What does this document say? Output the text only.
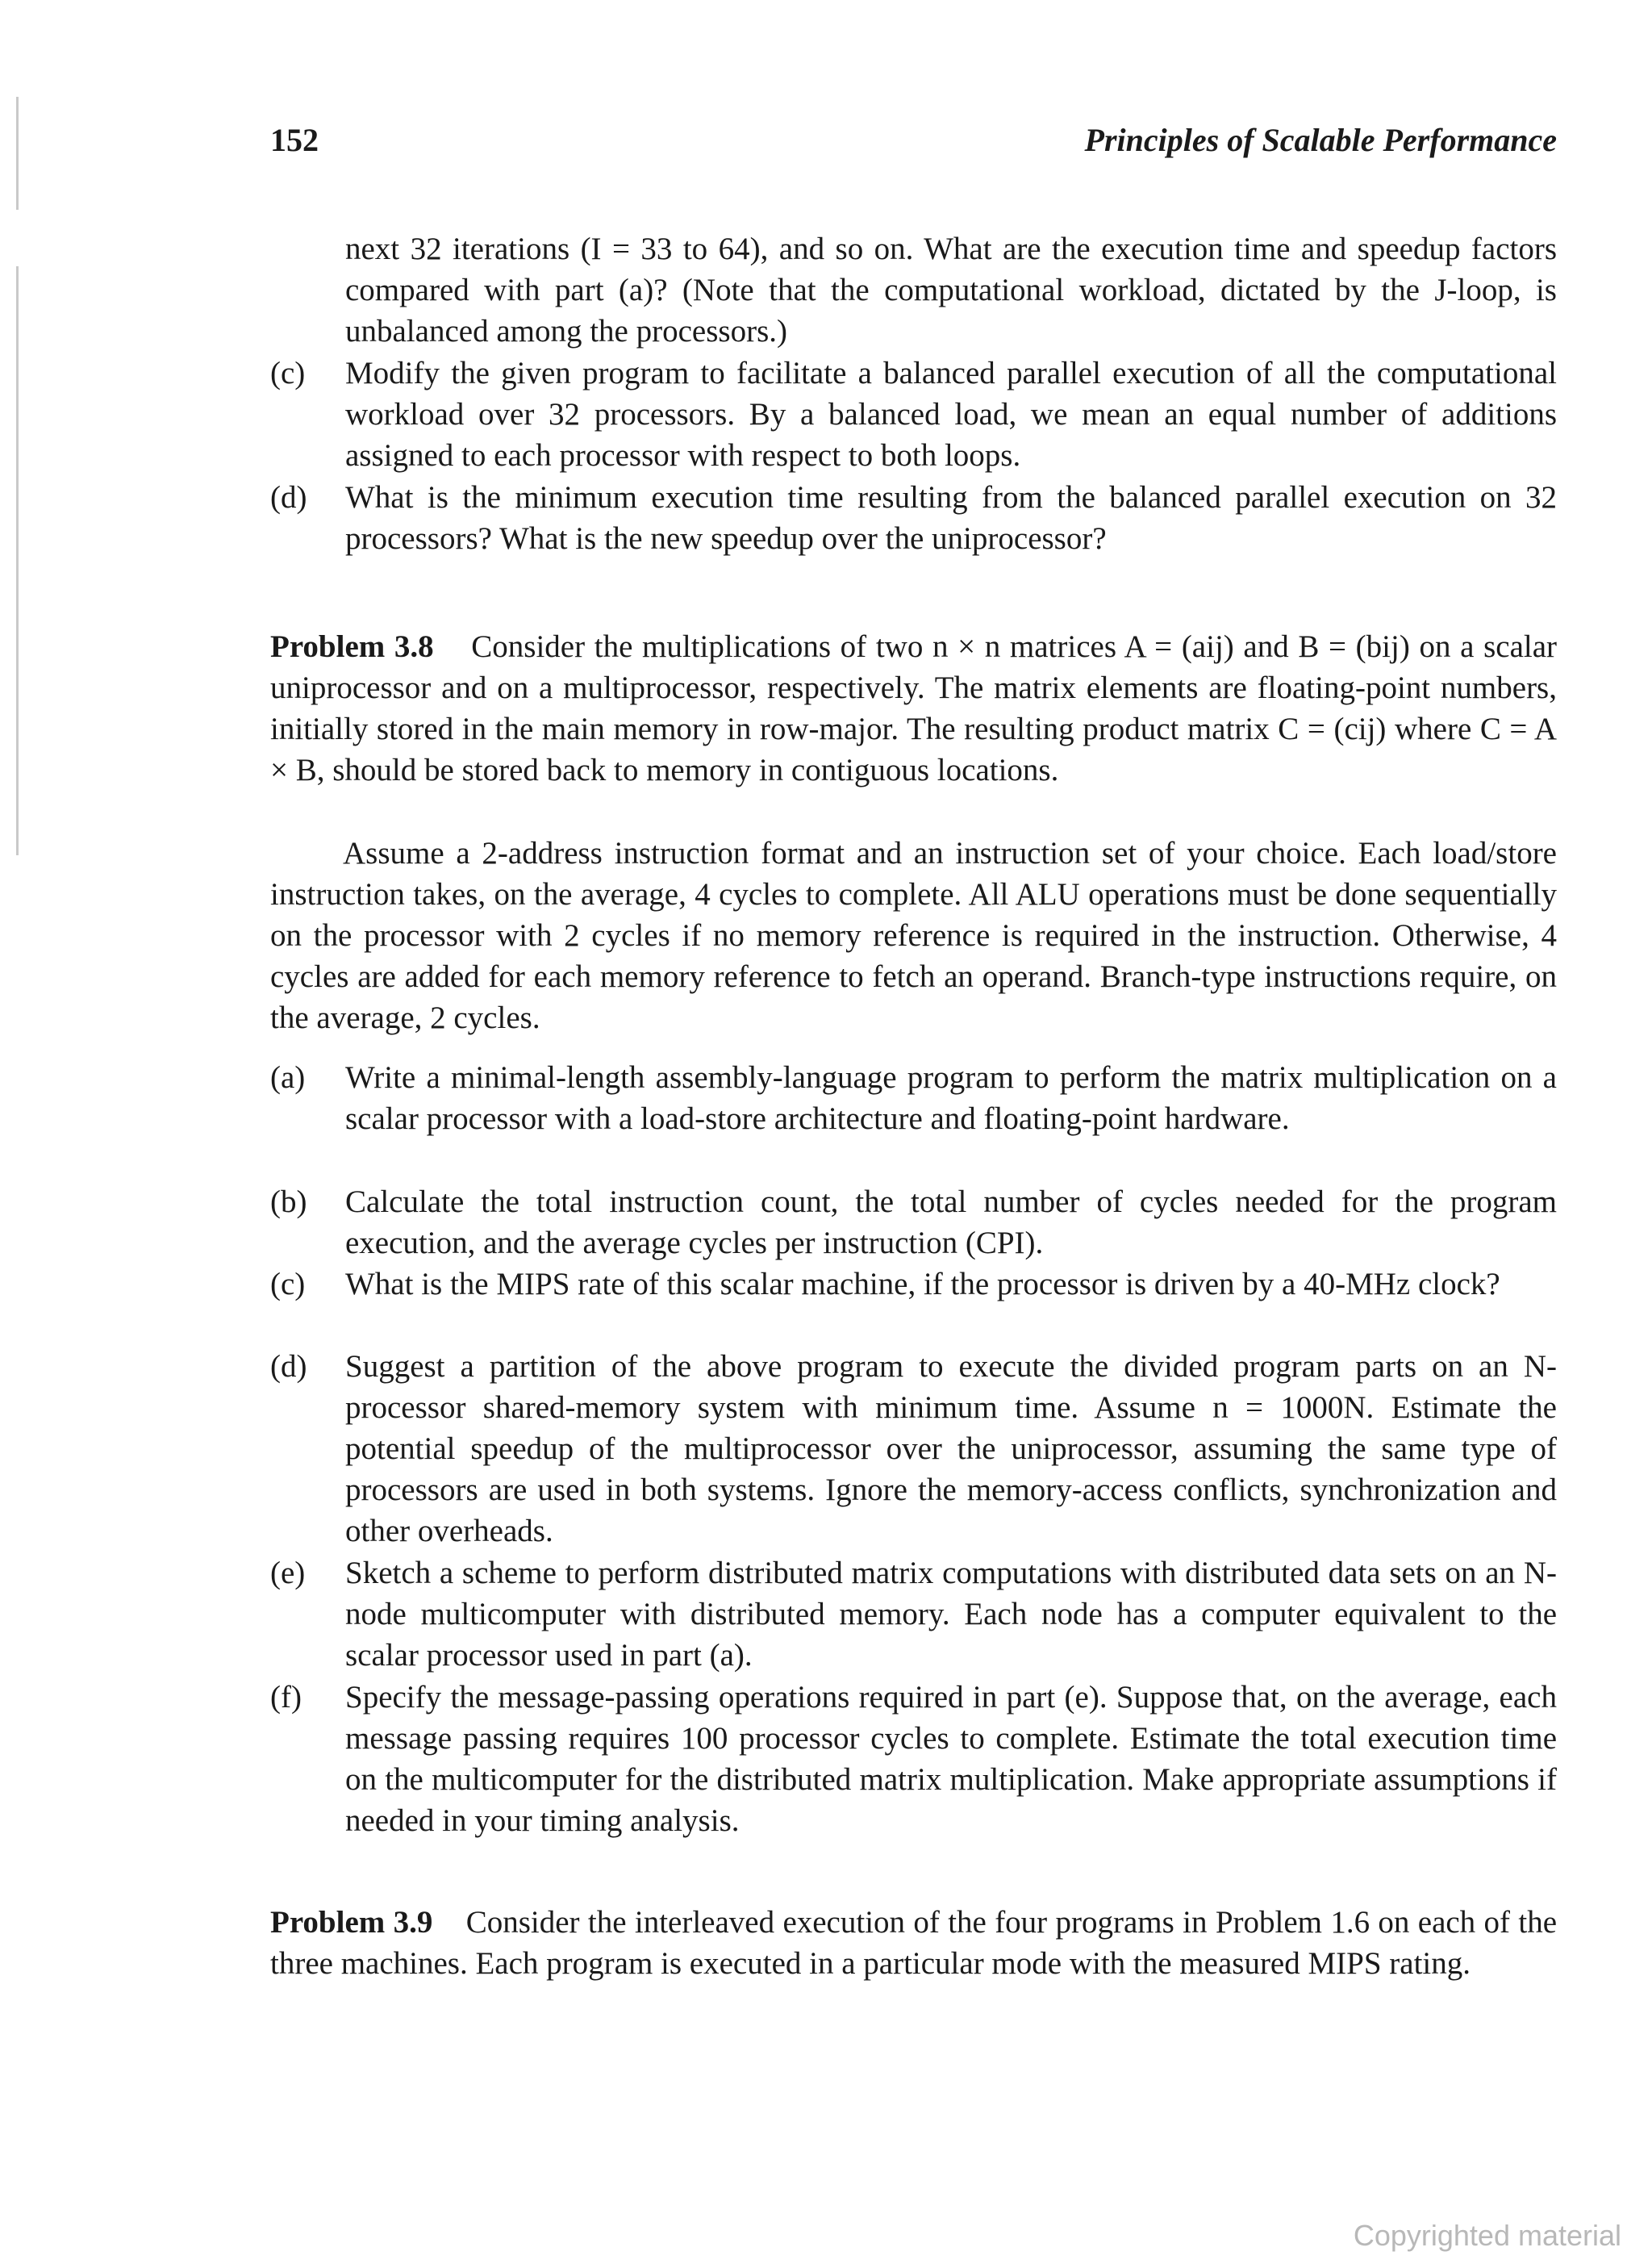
152	Principles of Scalable Performance
next 32 iterations (I = 33 to 64), and so on. What are the execution time and speedup factors compared with part (a)? (Note that the computational workload, dictated by the J-loop, is unbalanced among the processors.)
(c)	Modify the given program to facilitate a balanced parallel execution of all the computational workload over 32 processors. By a balanced load, we mean an equal number of additions assigned to each processor with respect to both loops.
(d)	What is the minimum execution time resulting from the balanced parallel execution on 32 processors? What is the new speedup over the uniprocessor?
Problem 3.8 Consider the multiplications of two n × n matrices A = (aij) and B = (bij) on a scalar uniprocessor and on a multiprocessor, respectively. The matrix elements are floating-point numbers, initially stored in the main memory in row-major. The resulting product matrix C = (cij) where C = A × B, should be stored back to memory in contiguous locations.
Assume a 2-address instruction format and an instruction set of your choice. Each load/store instruction takes, on the average, 4 cycles to complete. All ALU operations must be done sequentially on the processor with 2 cycles if no memory reference is required in the instruction. Otherwise, 4 cycles are added for each memory reference to fetch an operand. Branch-type instructions require, on the average, 2 cycles.
(a)	Write a minimal-length assembly-language program to perform the matrix multiplication on a scalar processor with a load-store architecture and floating-point hardware.
(b)	Calculate the total instruction count, the total number of cycles needed for the program execution, and the average cycles per instruction (CPI).
(c)	What is the MIPS rate of this scalar machine, if the processor is driven by a 40-MHz clock?
(d)	Suggest a partition of the above program to execute the divided program parts on an N-processor shared-memory system with minimum time. Assume n = 1000N. Estimate the potential speedup of the multiprocessor over the uniprocessor, assuming the same type of processors are used in both systems. Ignore the memory-access conflicts, synchronization and other overheads.
(e)	Sketch a scheme to perform distributed matrix computations with distributed data sets on an N-node multicomputer with distributed memory. Each node has a computer equivalent to the scalar processor used in part (a).
(f)	Specify the message-passing operations required in part (e). Suppose that, on the average, each message passing requires 100 processor cycles to complete. Estimate the total execution time on the multicomputer for the distributed matrix multiplication. Make appropriate assumptions if needed in your timing analysis.
Problem 3.9 Consider the interleaved execution of the four programs in Problem 1.6 on each of the three machines. Each program is executed in a particular mode with the measured MIPS rating.
Copyrighted material
